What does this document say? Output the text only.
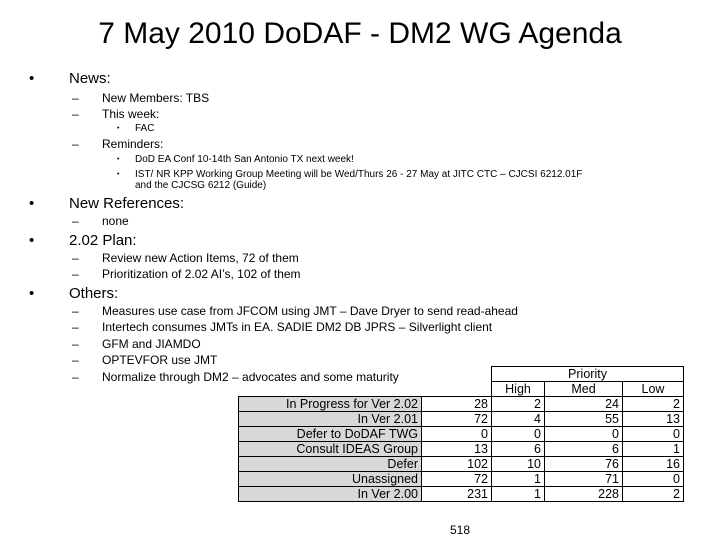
7 May 2010 DoDAF - DM2 WG Agenda
• News:
– New Members: TBS
– This week:
• FAC
– Reminders:
• DoD EA Conf 10-14th San Antonio TX next week!
• IST/ NR KPP Working Group Meeting will be Wed/Thurs 26 - 27 May at JITC CTC – CJCSI 6212.01F
and the CJCSG 6212 (Guide)
• New References:
– none
• 2.02 Plan:
– Review new Action Items, 72 of them
– Prioritization of 2.02 AI’s, 102 of them
• Others:
– Measures use case from JFCOM using JMT – Dave Dryer to send read-ahead
– Intertech consumes JMTs in EA. SADIE DM2 DB JPRS – Silverlight client
– GFM and JIAMDO
– OPTEVFOR use JMT
– Normalize through DM2 – advocates and some maturity
			Priority		
		High	Med	Low
In Progress for Ver 2.02	28	2	24	2
In Ver 2.01	72	4	55	13
Defer to DoDAF TWG	0	0	0	0
Consult IDEAS Group	13	6	6	1
Defer	102	10	76	16
Unassigned	72	1	71	0
In Ver 2.00	231	1	228	2
518
